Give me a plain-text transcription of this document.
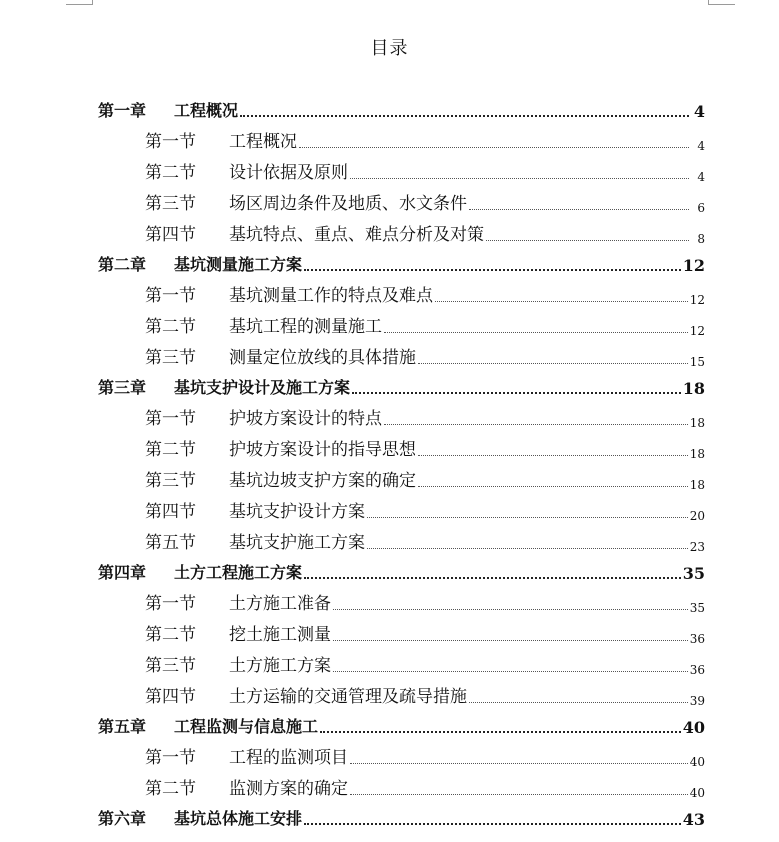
目录
第一章	工程概况	4
第一节	工程概况	4
第二节	设计依据及原则	4
第三节	场区周边条件及地质、水文条件	6
第四节	基坑特点、重点、难点分析及对策	8
第二章	基坑测量施工方案	12
第一节	基坑测量工作的特点及难点	12
第二节	基坑工程的测量施工	12
第三节	测量定位放线的具体措施	15
第三章	基坑支护设计及施工方案	18
第一节	护坡方案设计的特点	18
第二节	护坡方案设计的指导思想	18
第三节	基坑边坡支护方案的确定	18
第四节	基坑支护设计方案	20
第五节	基坑支护施工方案	23
第四章	土方工程施工方案	35
第一节	土方施工准备	35
第二节	挖土施工测量	36
第三节	土方施工方案	36
第四节	土方运输的交通管理及疏导措施	39
第五章	工程监测与信息施工	40
第一节	工程的监测项目	40
第二节	监测方案的确定	40
第六章	基坑总体施工安排	43
